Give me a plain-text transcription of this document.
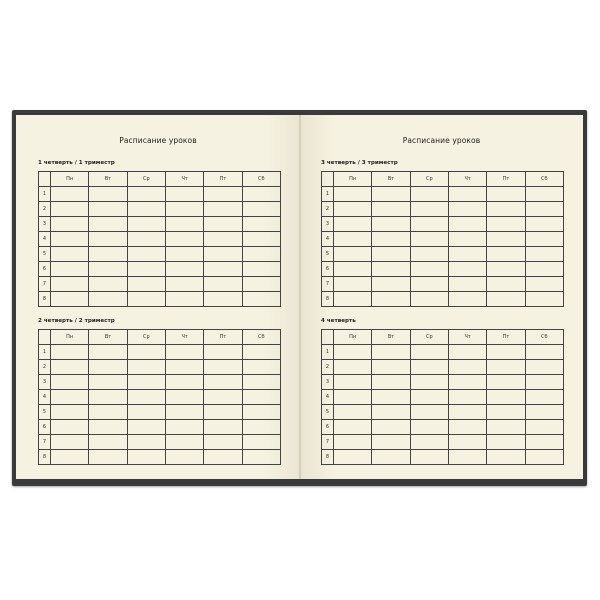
Расписание уроков
1 четверть / 1 триместр
	Пн	Вт	Ср	Чт	Пт	Сб
1						
2						
3						
4						
5						
6						
7						
8						
2 четверть / 2 триместр
	Пн	Вт	Ср	Чт	Пт	Сб
1						
2						
3						
4						
5						
6						
7						
8						
Расписание уроков
3 четверть / 3 триместр
	Пн	Вт	Ср	Чт	Пт	Сб
1						
2						
3						
4						
5						
6						
7						
8						
4 четверть
	Пн	Вт	Ср	Чт	Пт	Сб
1						
2						
3						
4						
5						
6						
7						
8						
